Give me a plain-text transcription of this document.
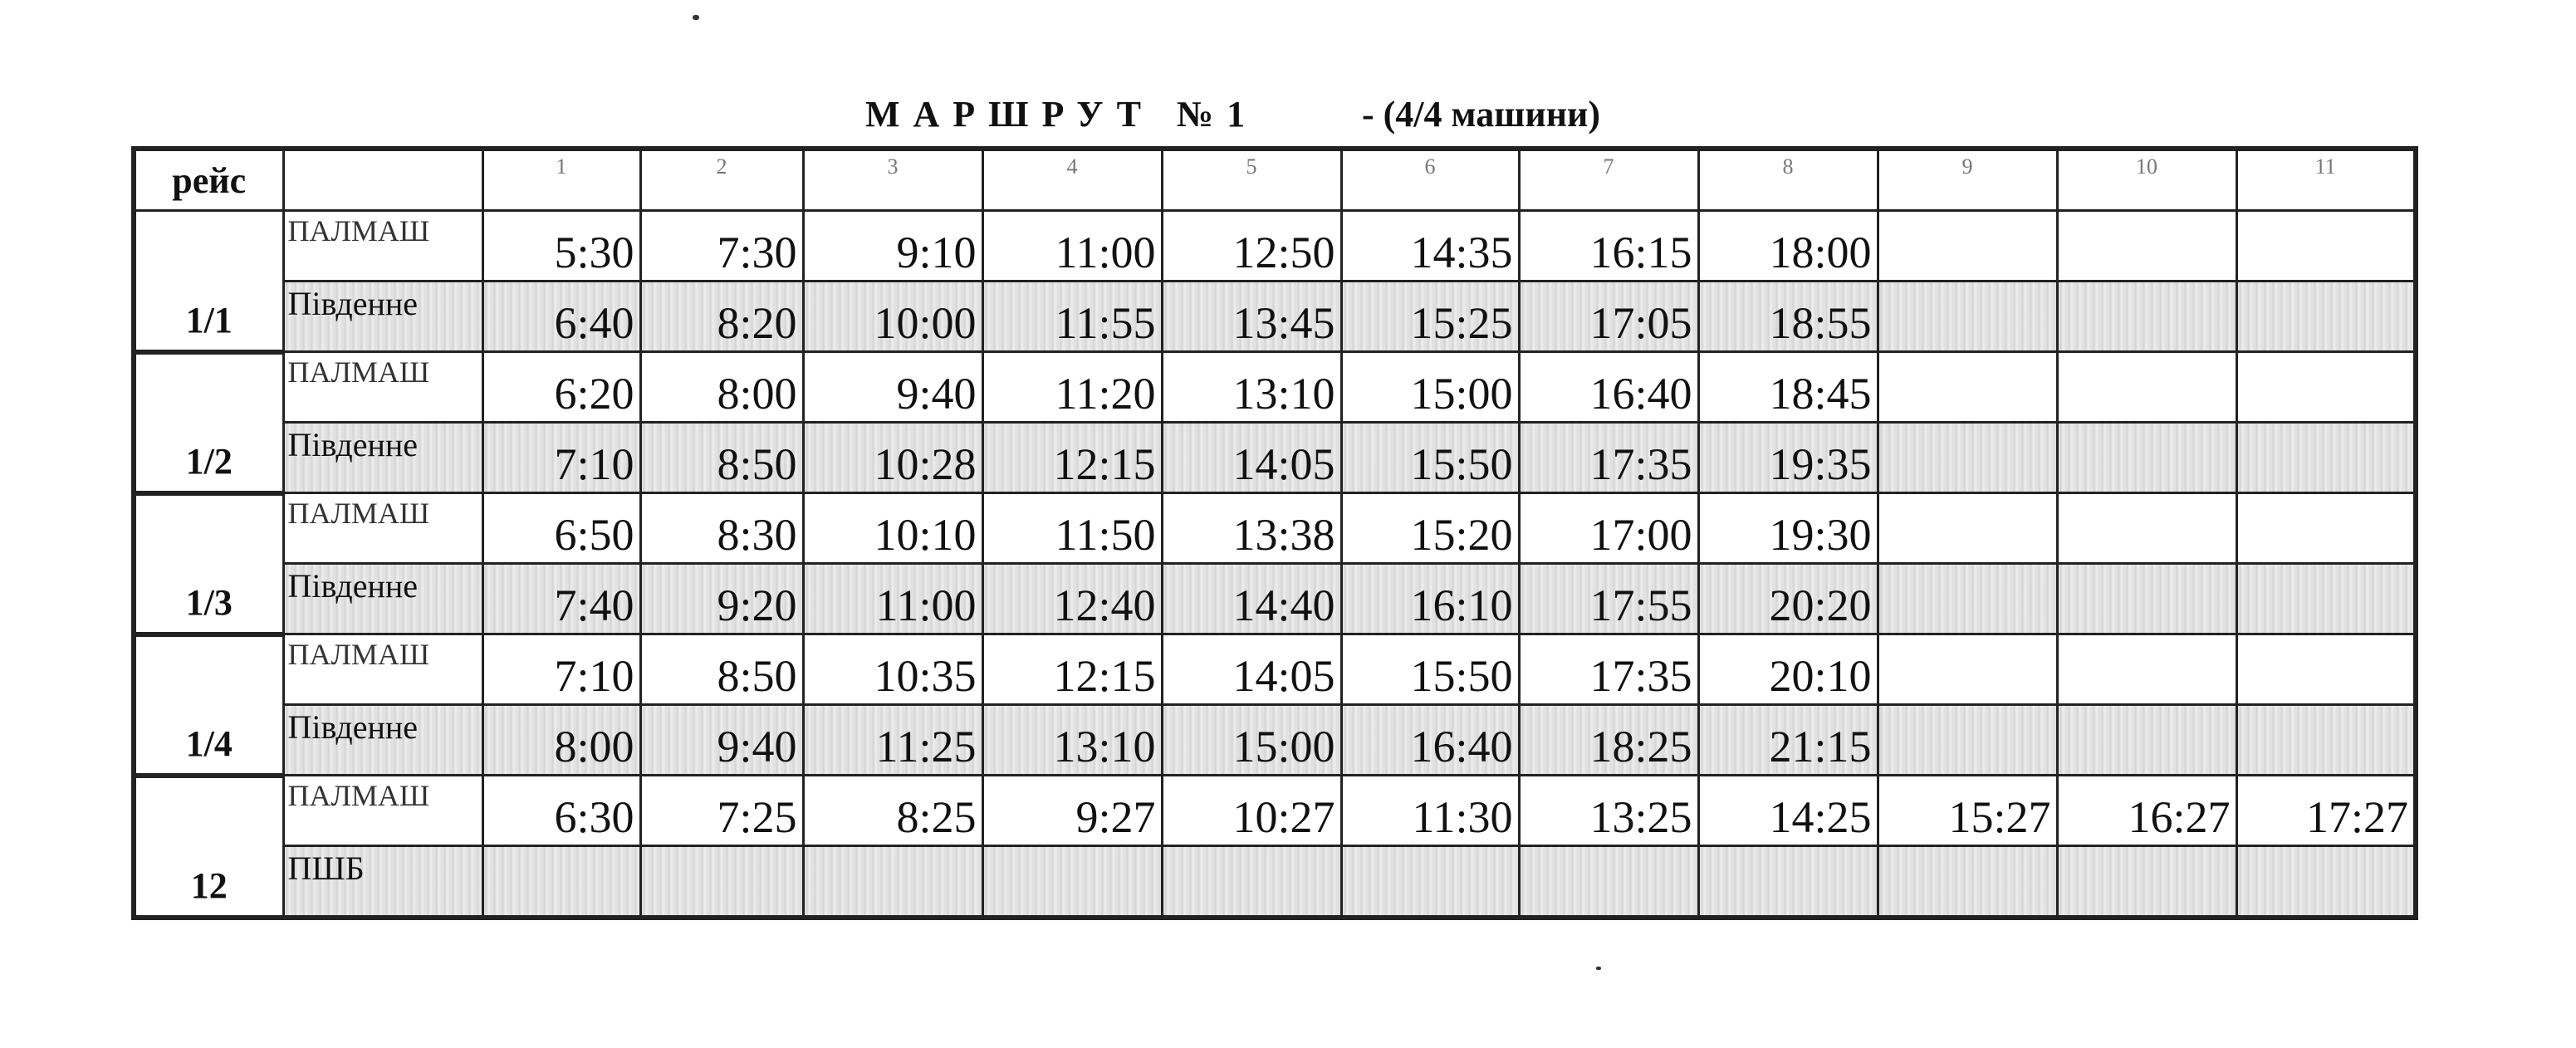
МАРШРУТ №1	- (4/4 машини)
рейс		1	2	3	4	5	6	7	8	9	10	11
1/1	ПАЛМАШ	5:30	7:30	9:10	11:00	12:50	14:35	16:15	18:00			
	Південне	6:40	8:20	10:00	11:55	13:45	15:25	17:05	18:55			
1/2	ПАЛМАШ	6:20	8:00	9:40	11:20	13:10	15:00	16:40	18:45			
	Південне	7:10	8:50	10:28	12:15	14:05	15:50	17:35	19:35			
1/3	ПАЛМАШ	6:50	8:30	10:10	11:50	13:38	15:20	17:00	19:30			
	Південне	7:40	9:20	11:00	12:40	14:40	16:10	17:55	20:20			
1/4	ПАЛМАШ	7:10	8:50	10:35	12:15	14:05	15:50	17:35	20:10			
	Південне	8:00	9:40	11:25	13:10	15:00	16:40	18:25	21:15			
12	ПАЛМАШ	6:30	7:25	8:25	9:27	10:27	11:30	13:25	14:25	15:27	16:27	17:27
	ПШБ											
